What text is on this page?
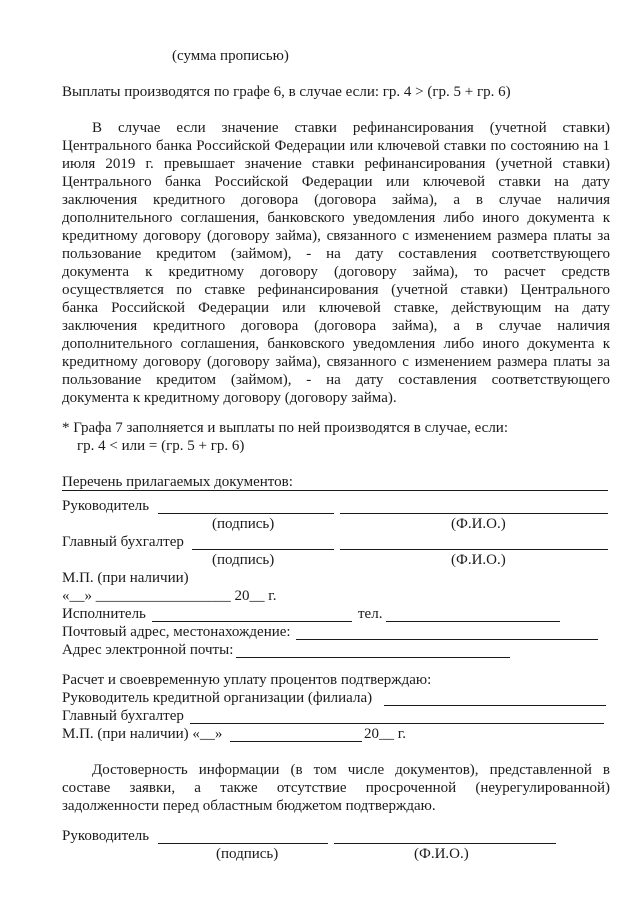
(сумма прописью)
Выплаты производятся по графе 6, в случае если: гр. 4 > (гр. 5 + гр. 6)
В случае если значение ставки рефинансирования (учетной ставки)
Центрального банка Российской Федерации или ключевой ставки по состоянию на 1
июля 2019 г. превышает значение ставки рефинансирования (учетной ставки)
Центрального банка Российской Федерации или ключевой ставки на дату
заключения кредитного договора (договора займа), а в случае наличия
дополнительного соглашения, банковского уведомления либо иного документа к
кредитному договору (договору займа), связанного с изменением размера платы за
пользование кредитом (займом), - на дату составления соответствующего
документа к кредитному договору (договору займа), то расчет средств
осуществляется по ставке рефинансирования (учетной ставки) Центрального
банка Российской Федерации или ключевой ставке, действующим на дату
заключения кредитного договора (договора займа), а в случае наличия
дополнительного соглашения, банковского уведомления либо иного документа к
кредитному договору (договору займа), связанного с изменением размера платы за
пользование кредитом (займом), - на дату составления соответствующего
документа к кредитному договору (договору займа).
* Графа 7 заполняется и выплаты по ней производятся в случае, если:
гр. 4 < или = (гр. 5 + гр. 6)
Перечень прилагаемых документов:
Руководитель
(подпись)	(Ф.И.О.)
Главный бухгалтер
(подпись)	(Ф.И.О.)
М.П. (при наличии)
«__» __________________ 20__ г.
Исполнитель	тел.
Почтовый адрес, местонахождение:
Адрес электронной почты:
Расчет и своевременную уплату процентов подтверждаю:
Руководитель кредитной организации (филиала)
Главный бухгалтер
М.П. (при наличии) «__»	20__ г.
Достоверность информации (в том числе документов), представленной в
составе заявки, а также отсутствие просроченной (неурегулированной)
задолженности перед областным бюджетом подтверждаю.
Руководитель
(подпись)	(Ф.И.О.)
